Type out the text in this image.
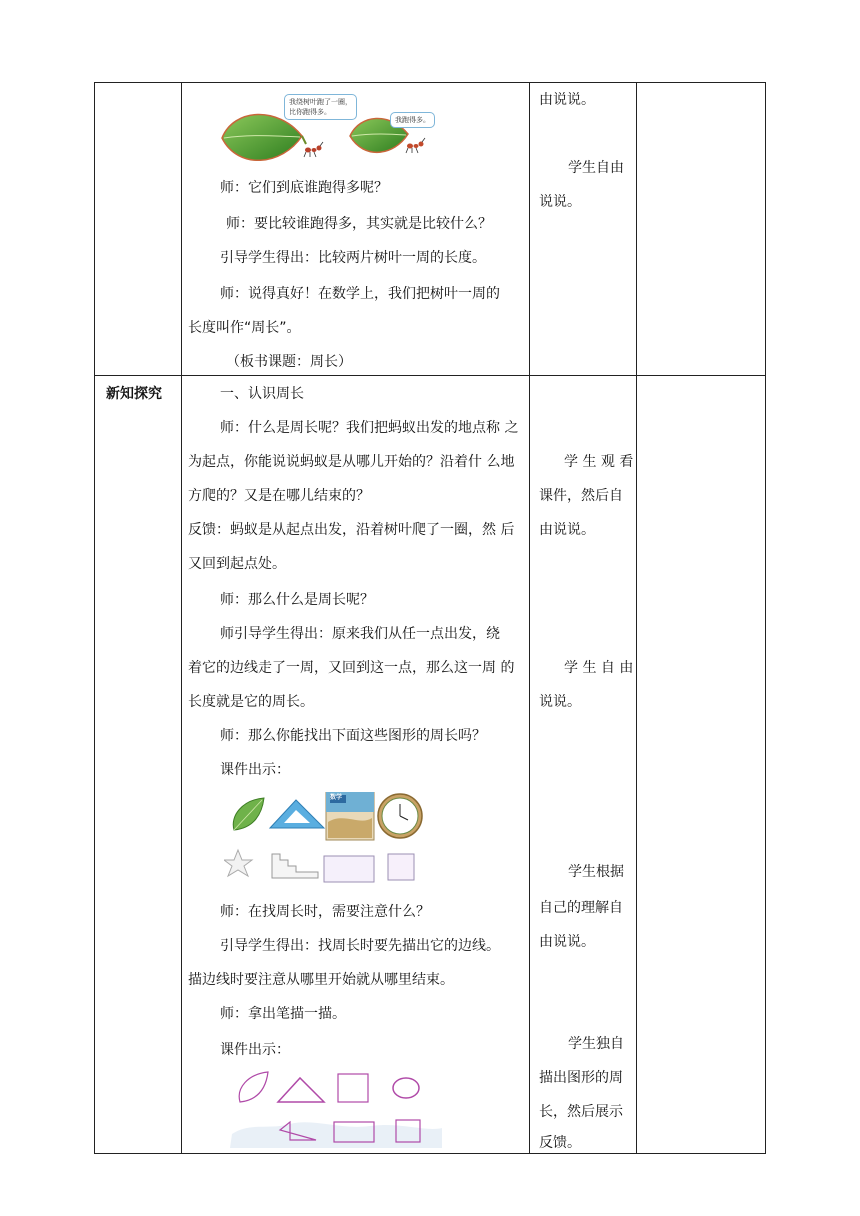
新知探究
我绕树叶跑了一圈，
比你跑得多。
我跑得多。
师：它们到底谁跑得多呢？
师：要比较谁跑得多，其实就是比较什么？
引导学生得出：比较两片树叶一周的长度。
师：说得真好！在数学上，我们把树叶一周的
长度叫作“周长”。
（板书课题：周长）
一、认识周长
师：什么是周长呢？我们把蚂蚁出发的地点称 之
为起点，你能说说蚂蚁是从哪儿开始的？沿着什 么地
方爬的？又是在哪儿结束的？
反馈：蚂蚁是从起点出发，沿着树叶爬了一圈，然 后
又回到起点处。
师：那么什么是周长呢？
师引导学生得出：原来我们从任一点出发，绕
着它的边线走了一周，又回到这一点，那么这一周 的
长度就是它的周长。
师：那么你能找出下面这些图形的周长吗？
课件出示：
数学
师：在找周长时，需要注意什么？
引导学生得出：找周长时要先描出它的边线。
描边线时要注意从哪里开始就从哪里结束。
师：拿出笔描一描。
课件出示：
由说说。
学生自由
说说。
学 生 观 看
课件，然后自
由说说。
学 生 自 由
说说。
学生根据
自己的理解自
由说说。
学生独自
描出图形的周
长，然后展示
反馈。
